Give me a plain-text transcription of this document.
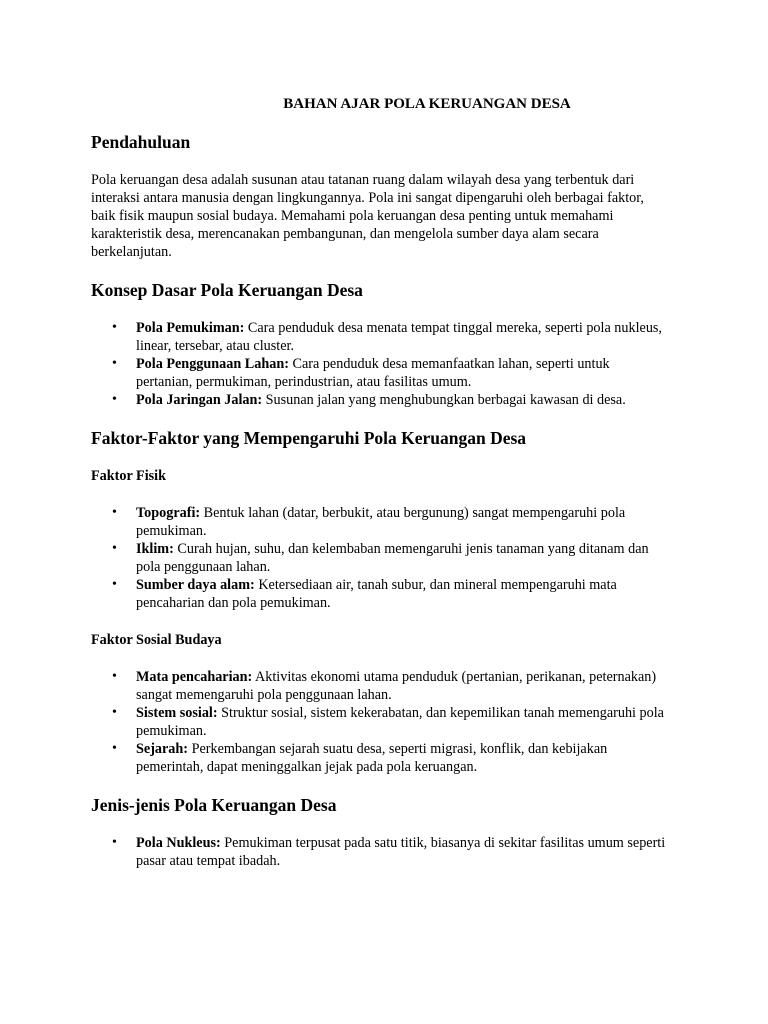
BAHAN AJAR POLA KERUANGAN DESA
Pendahuluan

Pola keruangan desa adalah susunan atau tatanan ruang dalam wilayah desa yang terbentuk dari interaksi antara manusia dengan lingkungannya. Pola ini sangat dipengaruhi oleh berbagai faktor, baik fisik maupun sosial budaya. Memahami pola keruangan desa penting untuk memahami karakteristik desa, merencanakan pembangunan, dan mengelola sumber daya alam secara berkelanjutan.

Konsep Dasar Pola Keruangan Desa
• Pola Pemukiman: Cara penduduk desa menata tempat tinggal mereka, seperti pola nukleus, linear, tersebar, atau cluster.
• Pola Penggunaan Lahan: Cara penduduk desa memanfaatkan lahan, seperti untuk pertanian, permukiman, perindustrian, atau fasilitas umum.
• Pola Jaringan Jalan: Susunan jalan yang menghubungkan berbagai kawasan di desa.
Faktor-Faktor yang Mempengaruhi Pola Keruangan Desa
Faktor Fisik
• Topografi: Bentuk lahan (datar, berbukit, atau bergunung) sangat mempengaruhi pola pemukiman.
• Iklim: Curah hujan, suhu, dan kelembaban memengaruhi jenis tanaman yang ditanam dan pola penggunaan lahan.
• Sumber daya alam: Ketersediaan air, tanah subur, dan mineral mempengaruhi mata pencaharian dan pola pemukiman.
Faktor Sosial Budaya
• Mata pencaharian: Aktivitas ekonomi utama penduduk (pertanian, perikanan, peternakan) sangat memengaruhi pola penggunaan lahan.
• Sistem sosial: Struktur sosial, sistem kekerabatan, dan kepemilikan tanah memengaruhi pola pemukiman.
• Sejarah: Perkembangan sejarah suatu desa, seperti migrasi, konflik, dan kebijakan pemerintah, dapat meninggalkan jejak pada pola keruangan.
Jenis-jenis Pola Keruangan Desa
• Pola Nukleus: Pemukiman terpusat pada satu titik, biasanya di sekitar fasilitas umum seperti pasar atau tempat ibadah.
